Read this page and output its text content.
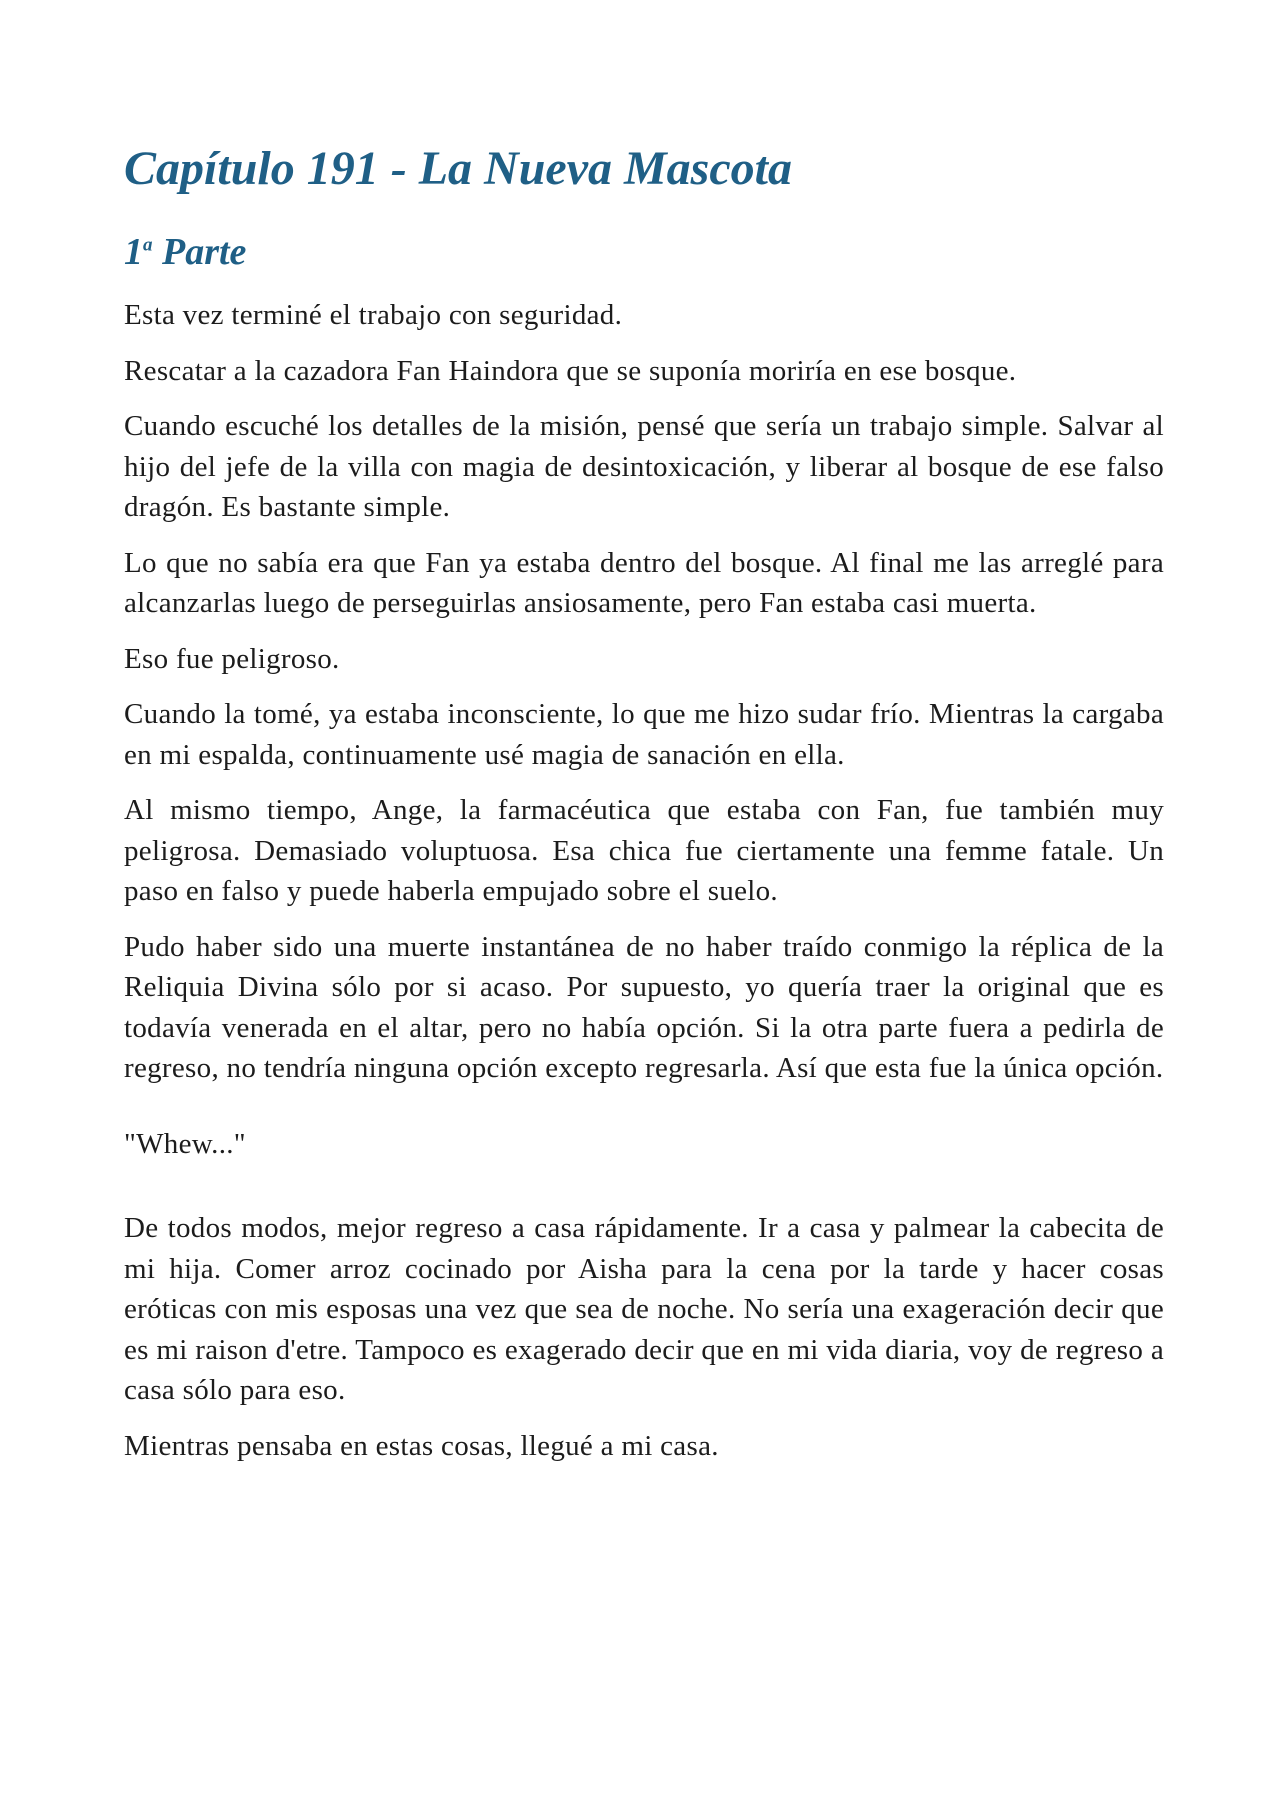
Capítulo 191 - La Nueva Mascota
1$^a$ Parte

Esta vez terminé el trabajo con seguridad.

Rescatar a la cazadora Fan Haindora que se suponía moriría en ese bosque.

Cuando escuché los detalles de la misión, pensé que sería un trabajo simple. Salvar al hijo del jefe de la villa con magia de desintoxicación, y liberar al bosque de ese falso dragón. Es bastante simple.

Lo que no sabía era que Fan ya estaba dentro del bosque. Al final me las arreglé para alcanzarlas luego de perseguirlas ansiosamente, pero Fan estaba casi muerta.

Eso fue peligroso.

Cuando la tomé, ya estaba inconsciente, lo que me hizo sudar frío. Mientras la cargaba en mi espalda, continuamente usé magia de sanación en ella.

Al mismo tiempo, Ange, la farmacéutica que estaba con Fan, fue también muy peligrosa. Demasiado voluptuosa. Esa chica fue ciertamente una femme fatale. Un paso en falso y puede haberla empujado sobre el suelo.

Pudo haber sido una muerte instantánea de no haber traído conmigo la réplica de la Reliquia Divina sólo por si acaso. Por supuesto, yo quería traer la original que es todavía venerada en el altar, pero no había opción. Si la otra parte fuera a pedirla de regreso, no tendría ninguna opción excepto regresarla. Así que esta fue la única opción.

"Whew..."

De todos modos, mejor regreso a casa rápidamente. Ir a casa y palmear la cabecita de mi hija. Comer arroz cocinado por Aisha para la cena por la tarde y hacer cosas eróticas con mis esposas una vez que sea de noche. No sería una exageración decir que es mi raison d'etre. Tampoco es exagerado decir que en mi vida diaria, voy de regreso a casa sólo para eso.

Mientras pensaba en estas cosas, llegué a mi casa.
